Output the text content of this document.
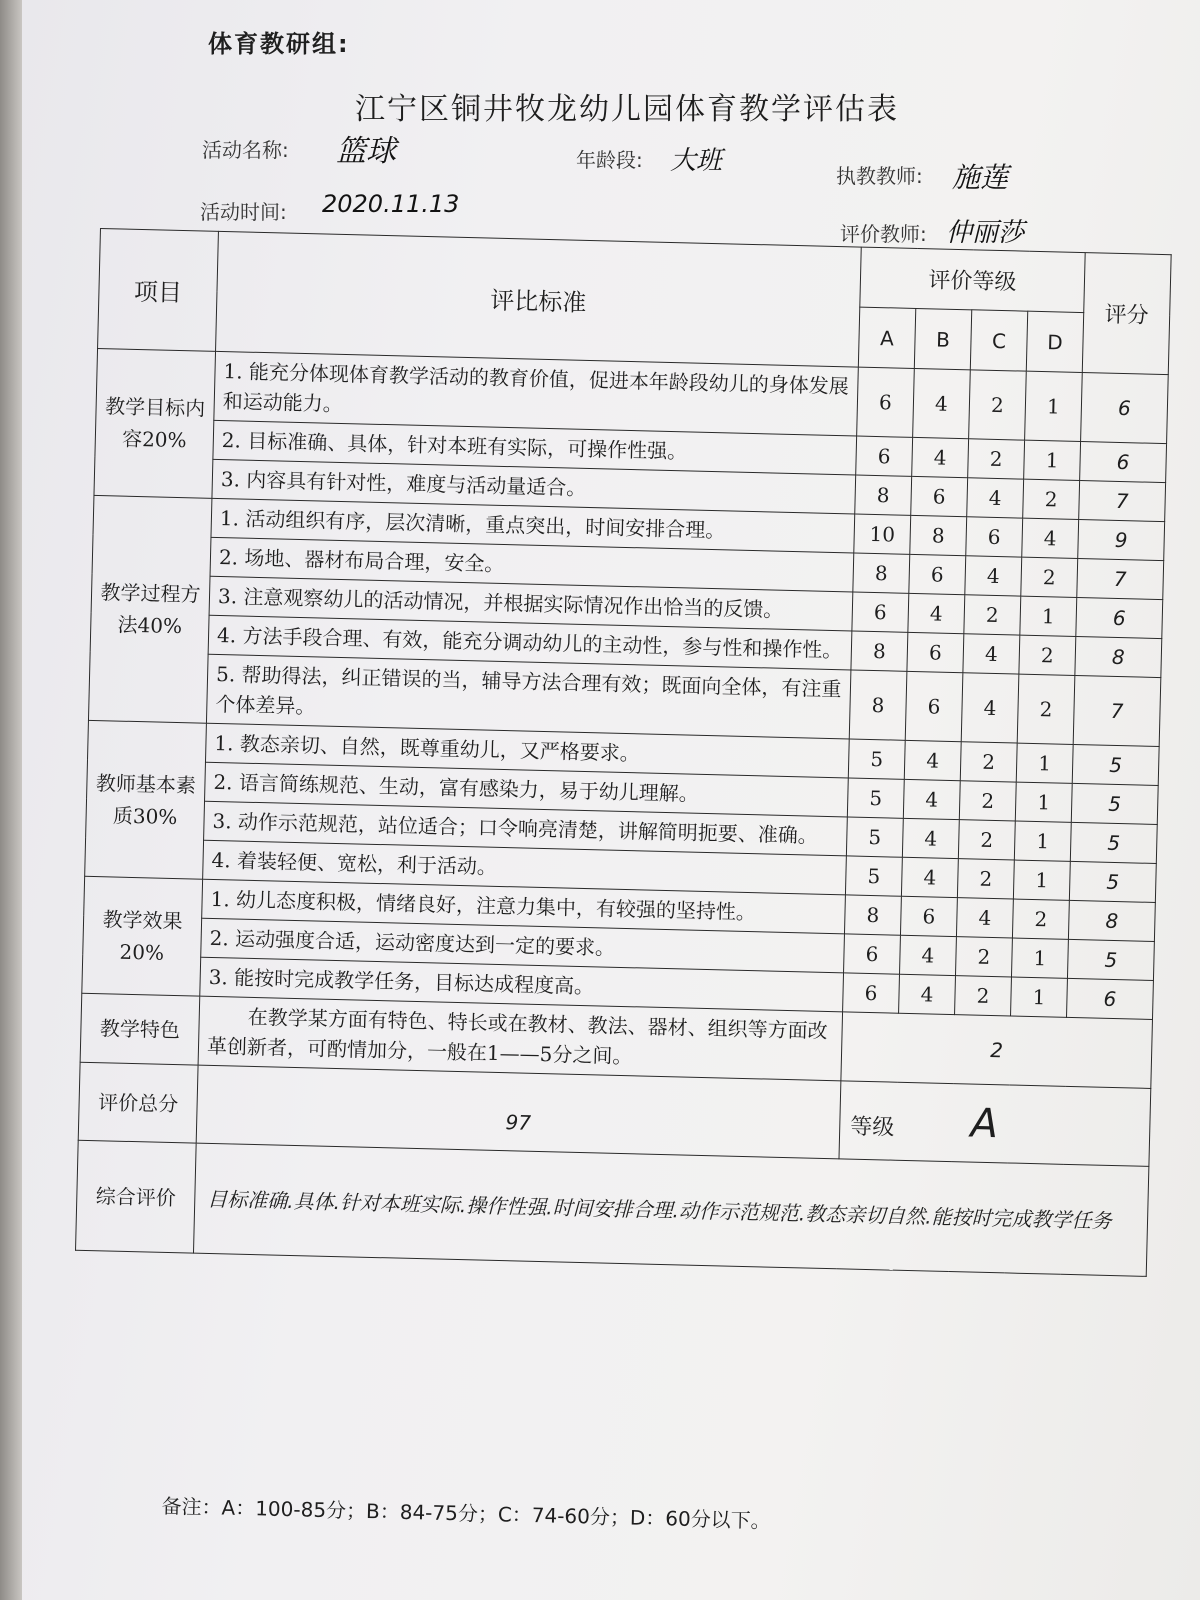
体育教研组:
江宁区铜井牧龙幼儿园体育教学评估表
活动名称: 篮球	年龄段: 大班	执教教师: 施莲
活动时间: 2020.11.13
评价教师: 仲丽莎
项目	评比标准	评价等级				评分
		A	B	C	D	
教学目标内容20%	1. 能充分体现体育教学活动的教育价值，促进本年龄段幼儿的身体发展和运动能力。	6	4	2	1	6
	2. 目标准确、具体，针对本班有实际，可操作性强。	6	4	2	1	6
	3. 内容具有针对性，难度与活动量适合。	8	6	4	2	7
教学过程方法40%	1. 活动组织有序，层次清晰，重点突出，时间安排合理。	10	8	6	4	9
	2. 场地、器材布局合理，安全。	8	6	4	2	7
	3. 注意观察幼儿的活动情况，并根据实际情况作出恰当的反馈。	6	4	2	1	6
	4. 方法手段合理、有效，能充分调动幼儿的主动性，参与性和操作性。	8	6	4	2	8
	5. 帮助得法，纠正错误的当，辅导方法合理有效；既面向全体，有注重个体差异。	8	6	4	2	7
教师基本素质30%	1. 教态亲切、自然，既尊重幼儿，又严格要求。	5	4	2	1	5
	2. 语言简练规范、生动，富有感染力，易于幼儿理解。	5	4	2	1	5
	3. 动作示范规范，站位适合；口令响亮清楚，讲解简明扼要、准确。	5	4	2	1	5
	4. 着装轻便、宽松，利于活动。	5	4	2	1	5
教学效果20%	1. 幼儿态度积极，情绪良好，注意力集中，有较强的坚持性。	8	6	4	2	8
	2. 运动强度合适，运动密度达到一定的要求。	6	4	2	1	5
	3. 能按时完成教学任务，目标达成程度高。	6	4	2	1	6
教学特色	在教学某方面有特色、特长或在教材、教法、器材、组织等方面改革创新者，可酌情加分，一般在1——5分之间。	2				
评价总分	97	等级 A				
综合评价	目标准确.具体.针对本班实际.操作性强.时间安排合理.动作示范规范.教态亲切自然.能按时完成教学任务					
备注：A：100-85分；B：84-75分；C：74-60分；D：60分以下。
